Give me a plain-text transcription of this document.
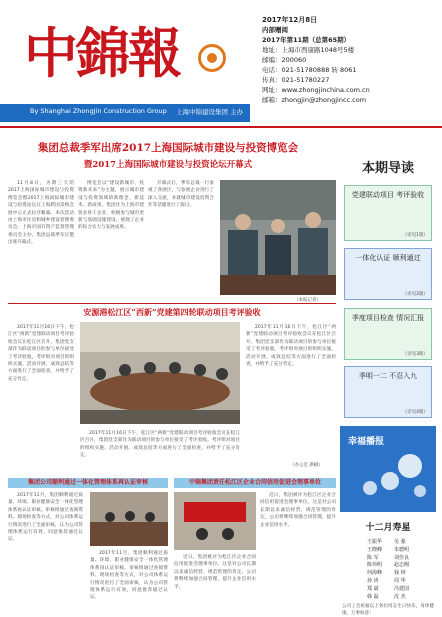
中錦報
By Shanghai ZhongJin Construction Group 上海中锦建设集团 主办
2017年12月8日
内部赠阅
2017年第11期（总第65期）
地址：上海市西康路1048号5楼
邮编：200060
电话：021-51780888 转 8061
传真：021-51780227
网址：www.zhongjinchina.com.cn
邮箱：zhongjin@zhongjincc.com
集团总裁季军出席2017上海国际城市建设与投资博览会
暨2017上海国际城市建设与投资论坛开幕式

11月8日，为期三天的2017上海国际城市建设与投资博览会暨2017上海国际城市建设与投资论坛在上海跨国采购会展中心正式拉开帷幕。本次活动由上海市住房和城乡建设管理委员会、上海市国有资产监督管理委员会主办，集团总裁季军应邀出席开幕式。

博览会以“建设新城市、投资新未来”为主题，展示城市建设与投资领域的新理念、新技术、新成果。集团作为上海市建筑业骨干企业，积极参与城市更新与基础设施建设，展现了企业的综合实力与发展成果。

开幕式后，季军总裁一行参观了各展区，与参展企业进行了深入交流，并就城市建设投资合作等话题进行了探讨。

（本报记者）
安源港松江区“西新”党建第四轮联动项目考评验收

2017年11月16日下午，松江区“两新”党建联动项目考评验收会议在松江区召开，集团党支部作为联动项目的参与单位接受了考评验收。考评组对项目的组织实施、活动开展、成效总结等方面进行了全面检查，并给予了充分肯定。

2017年11月16日下午，松江区“两新”党建联动项目考评验收会议在松江区召开，集团党支部作为联动项目的参与单位接受了考评验收。考评组对项目的组织实施、活动开展、成效总结等方面进行了全面检查，并给予了充分肯定。

2017年11月16日下午，松江区“两新”党建联动项目考评验收会议在松江区召开，集团党支部作为联动项目的参与单位接受了考评验收。考评组对项目的组织实施、活动开展、成效总结等方面进行了全面检查，并给予了充分肯定。

（办公室 供稿）
集团公司顺利通过一体化管理体系再认证审核	中锦集团责任松江区企业合同信用促进会理事单位

2017年11月，集团顺利通过质量、环境、职业健康安全一体化管理体系再认证审核。审核组通过查阅资料、现场检查等方式，对公司体系运行情况进行了全面审核，认为公司管理体系运行有效，同意推荐通过认证。

2017年11月，集团顺利通过质量、环境、职业健康安全一体化管理体系再认证审核。审核组通过查阅资料、现场检查等方式，对公司体系运行情况进行了全面审核，认为公司管理体系运行有效，同意推荐通过认证。

近日，集团被评为松江区企业合同信用促进会理事单位。这是对公司长期以来诚信经营、规范管理的肯定，公司将继续加强合同管理，提升企业信用水平。

近日，集团被评为松江区企业合同信用促进会理事单位。这是对公司长期以来诚信经营、规范管理的肯定，公司将继续加强合同管理，提升企业信用水平。

本期导读
党建联动项目 考评验收
（详见1版）
一体化认证 顺利通过
（详见2版）
季度项目检查 情况汇报
（详见3版）
季明一二 不忍入九
（详见4版）
幸福播报
十二月寿星
王振华	吴 强
王晓峰	朱德明
陈 军	刘佳良
陈伟明	赵志刚
何海峰	钱 林
孙 涛	周 华
郑 斌	冯建国
韩 磊	沈 杰
公司工会祝福以上各位同志生日快乐，身体健康，万事如意！
